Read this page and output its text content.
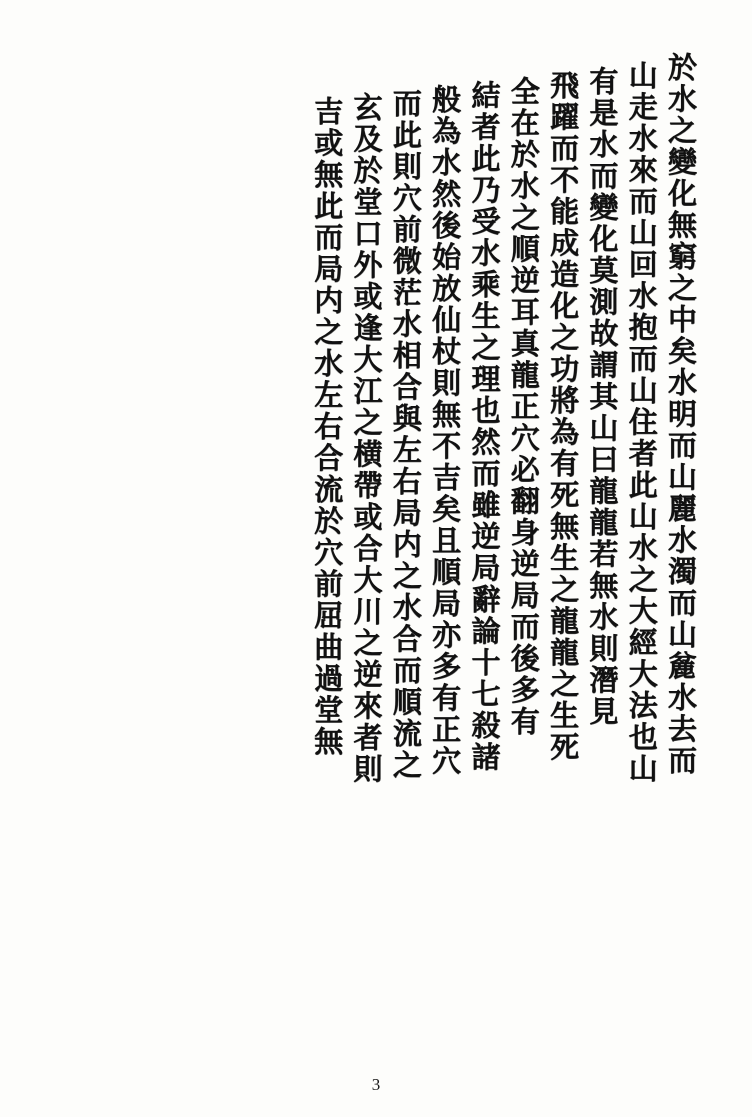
於水之變化無窮之中矣水明而山麗水濁而山麄水去而
山走水來而山回水抱而山住者此山水之大經大法也山
有是水而變化莫測故謂其山曰龍龍若無水則潛見
飛躍而不能成造化之功將為有死無生之龍龍之生死
全在於水之順逆耳真龍正穴必翻身逆局而後多有
結者此乃受水乘生之理也然而雖逆局辭論十七殺諸
般為水然後始放仙杖則無不吉矣且順局亦多有正穴
而此則穴前微茫水相合與左右局内之水合而順流之
玄及於堂口外或逢大江之横帶或合大川之逆來者則
吉或無此而局内之水左右合流於穴前屈曲過堂無
3
